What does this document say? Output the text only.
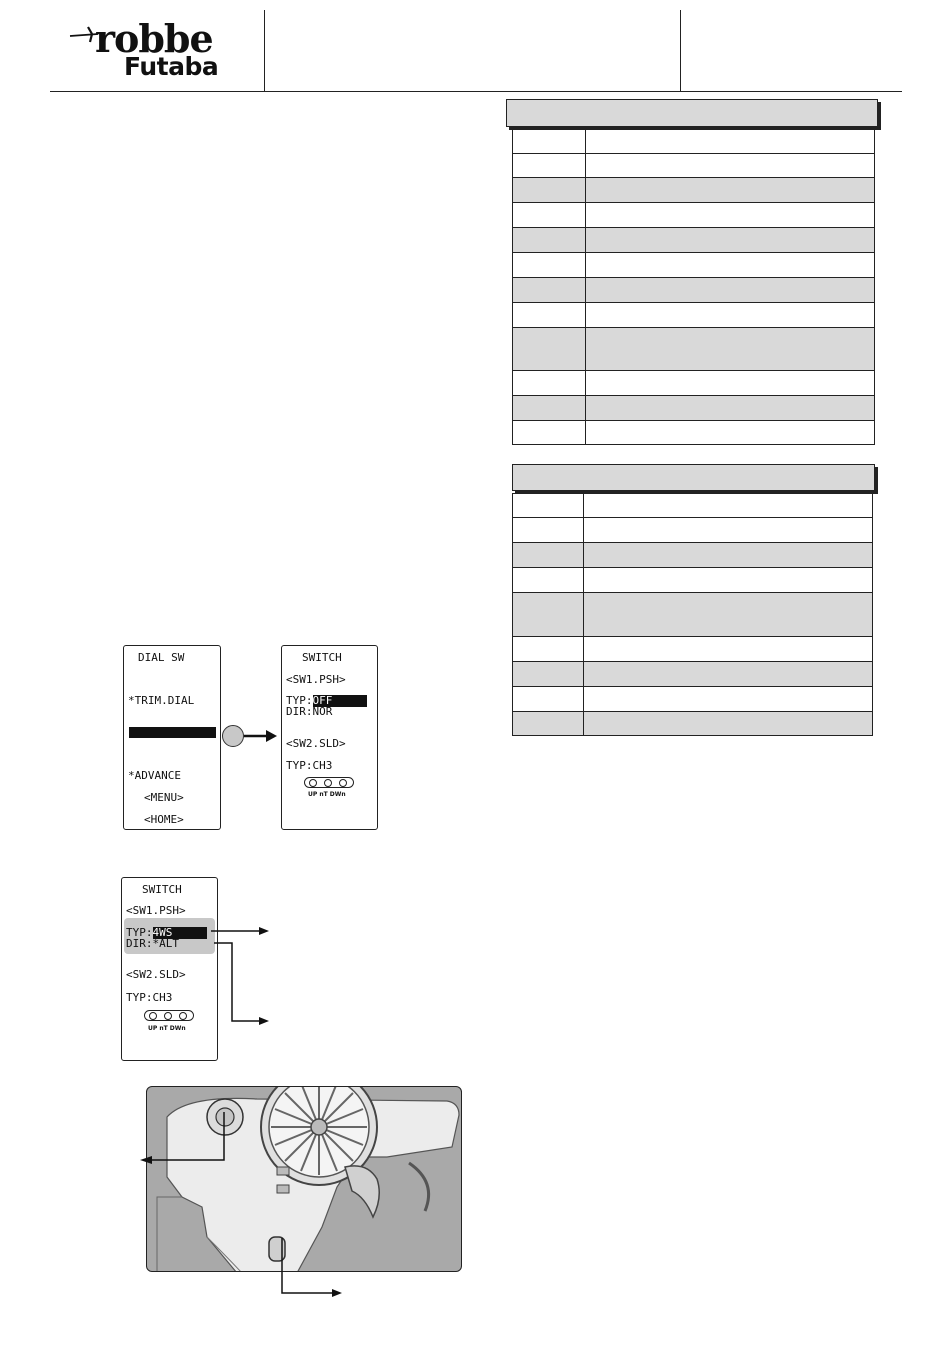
robbe
Futaba
DIAL SW
*TRIM.DIAL

SWITCH

*ADVANCE
<MENU>
<HOME>
SWITCH
<SW1.PSH>
TYP:OFF
DIR:NOR
<SW2.SLD>
TYP:CH3
UP nT DWn
SWITCH
<SW1.PSH>
TYP:4WS
DIR:*ALT
<SW2.SLD>
TYP:CH3
UP nT DWn
